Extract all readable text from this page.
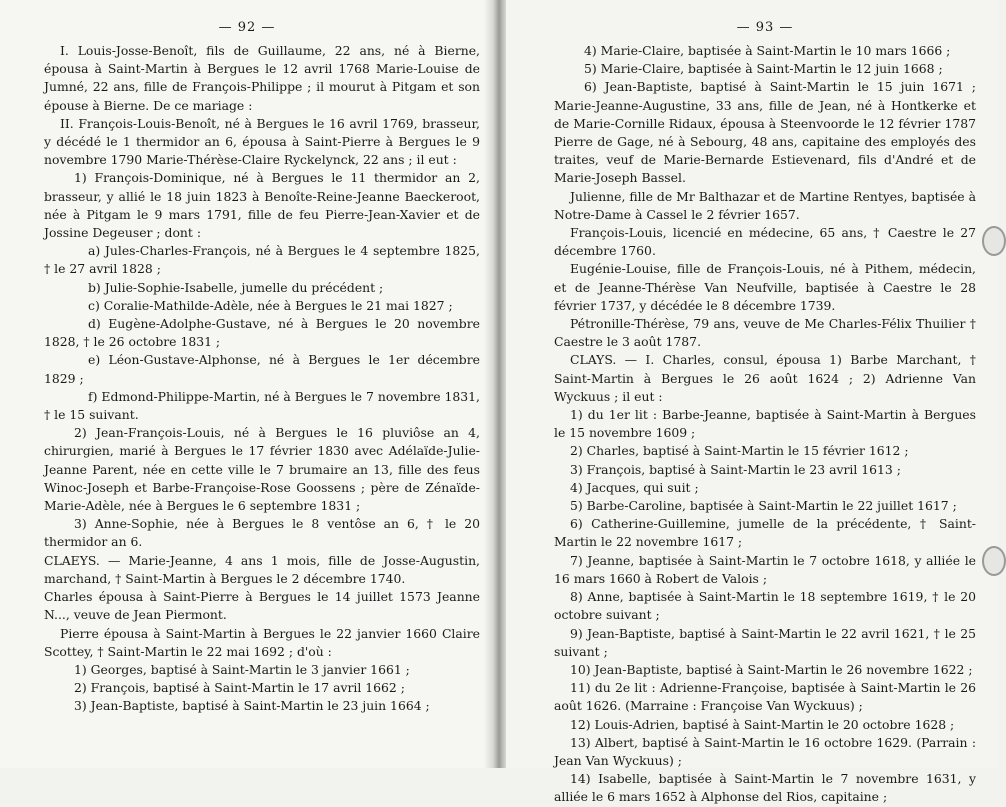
— 92 —

I. Louis-Josse-Benoît, fils de Guillaume, 22 ans, né à Bierne, épousa à Saint-Martin à Bergues le 12 avril 1768 Marie-Louise de Jumné, 22 ans, fille de François-Philippe ; il mourut à Pitgam et son épouse à Bierne. De ce mariage :

II. François-Louis-Benoît, né à Bergues le 16 avril 1769, brasseur, y décédé le 1 thermidor an 6, épousa à Saint-Pierre à Bergues le 9 novembre 1790 Marie-Thérèse-Claire Ryckelynck, 22 ans ; il eut :

1) François-Dominique, né à Bergues le 11 thermidor an 2, brasseur, y allié le 18 juin 1823 à Benoîte-Reine-Jeanne Baeckeroot, née à Pitgam le 9 mars 1791, fille de feu Pierre-Jean-Xavier et de Jossine Degeuser ; dont :

a) Jules-Charles-François, né à Bergues le 4 septembre 1825, † le 27 avril 1828 ;

b) Julie-Sophie-Isabelle, jumelle du précédent ;

c) Coralie-Mathilde-Adèle, née à Bergues le 21 mai 1827 ;

d) Eugène-Adolphe-Gustave, né à Bergues le 20 novembre 1828, † le 26 octobre 1831 ;

e) Léon-Gustave-Alphonse, né à Bergues le 1er décembre 1829 ;

f) Edmond-Philippe-Martin, né à Bergues le 7 novembre 1831, † le 15 suivant.

2) Jean-François-Louis, né à Bergues le 16 pluviôse an 4, chirurgien, marié à Bergues le 17 février 1830 avec Adélaïde-Julie-Jeanne Parent, née en cette ville le 7 brumaire an 13, fille des feus Winoc-Joseph et Barbe-Françoise-Rose Goossens ; père de Zénaïde-Marie-Adèle, née à Bergues le 6 septembre 1831 ;

3) Anne-Sophie, née à Bergues le 8 ventôse an 6, † le 20 thermidor an 6.

CLAEYS. — Marie-Jeanne, 4 ans 1 mois, fille de Josse-Augustin, marchand, † Saint-Martin à Bergues le 2 décembre 1740.

Charles épousa à Saint-Pierre à Bergues le 14 juillet 1573 Jeanne N..., veuve de Jean Piermont.

Pierre épousa à Saint-Martin à Bergues le 22 janvier 1660 Claire Scottey, † Saint-Martin le 22 mai 1692 ; d'où :

1) Georges, baptisé à Saint-Martin le 3 janvier 1661 ;

2) François, baptisé à Saint-Martin le 17 avril 1662 ;

3) Jean-Baptiste, baptisé à Saint-Martin le 23 juin 1664 ;

— 93 —

4) Marie-Claire, baptisée à Saint-Martin le 10 mars 1666 ;

5) Marie-Claire, baptisée à Saint-Martin le 12 juin 1668 ;

6) Jean-Baptiste, baptisé à Saint-Martin le 15 juin 1671 ; Marie-Jeanne-Augustine, 33 ans, fille de Jean, né à Hontkerke et de Marie-Cornille Ridaux, épousa à Steenvoorde le 12 février 1787 Pierre de Gage, né à Sebourg, 48 ans, capitaine des employés des traites, veuf de Marie-Bernarde Estievenard, fils d'André et de Marie-Joseph Bassel.

Julienne, fille de Mr Balthazar et de Martine Rentyes, baptisée à Notre-Dame à Cassel le 2 février 1657.

François-Louis, licencié en médecine, 65 ans, † Caestre le 27 décembre 1760.

Eugénie-Louise, fille de François-Louis, né à Pithem, médecin, et de Jeanne-Thérèse Van Neufville, baptisée à Caestre le 28 février 1737, y décédée le 8 décembre 1739.

Pétronille-Thérèse, 79 ans, veuve de Me Charles-Félix Thuilier † Caestre le 3 août 1787.

CLAYS. — I. Charles, consul, épousa 1) Barbe Marchant, † Saint-Martin à Bergues le 26 août 1624 ; 2) Adrienne Van Wyckuus ; il eut :

1) du 1er lit : Barbe-Jeanne, baptisée à Saint-Martin à Bergues le 15 novembre 1609 ;

2) Charles, baptisé à Saint-Martin le 15 février 1612 ;

3) François, baptisé à Saint-Martin le 23 avril 1613 ;

4) Jacques, qui suit ;

5) Barbe-Caroline, baptisée à Saint-Martin le 22 juillet 1617 ;

6) Catherine-Guillemine, jumelle de la précédente, † Saint-Martin le 22 novembre 1617 ;

7) Jeanne, baptisée à Saint-Martin le 7 octobre 1618, y alliée le 16 mars 1660 à Robert de Valois ;

8) Anne, baptisée à Saint-Martin le 18 septembre 1619, † le 20 octobre suivant ;

9) Jean-Baptiste, baptisé à Saint-Martin le 22 avril 1621, † le 25 suivant ;

10) Jean-Baptiste, baptisé à Saint-Martin le 26 novembre 1622 ;

11) du 2e lit : Adrienne-Françoise, baptisée à Saint-Martin le 26 août 1626. (Marraine : Françoise Van Wyckuus) ;

12) Louis-Adrien, baptisé à Saint-Martin le 20 octobre 1628 ;

13) Albert, baptisé à Saint-Martin le 16 octobre 1629. (Parrain : Jean Van Wyckuus) ;

14) Isabelle, baptisée à Saint-Martin le 7 novembre 1631, y alliée le 6 mars 1652 à Alphonse del Rios, capitaine ;
